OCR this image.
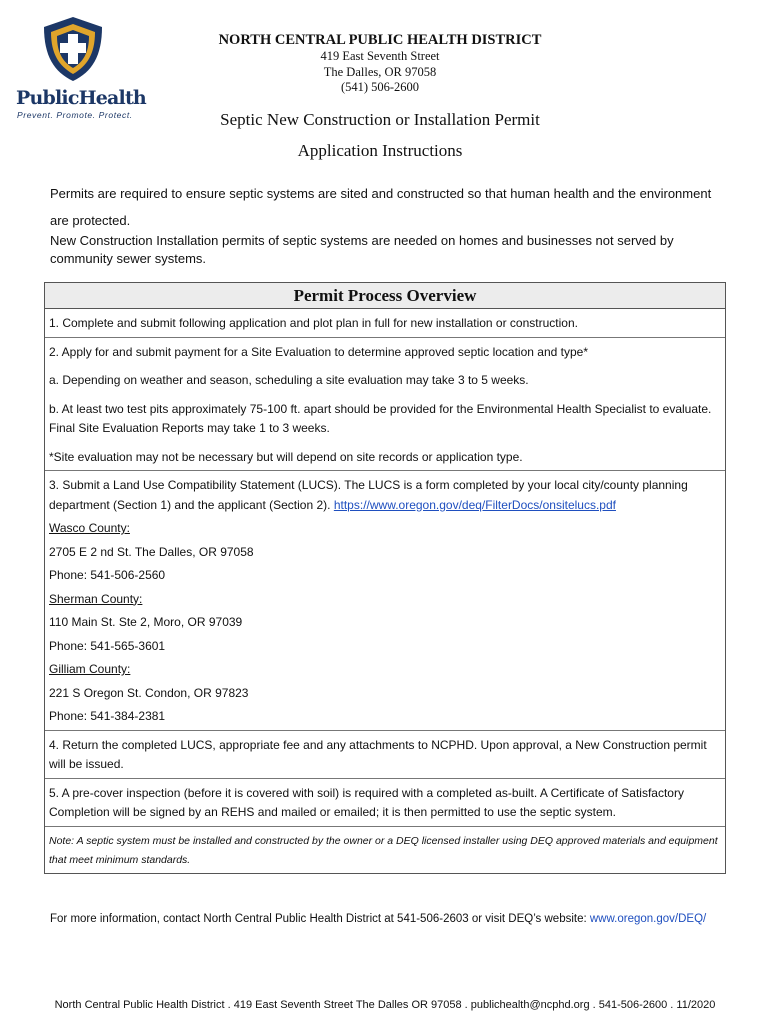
PublicHealth
Prevent. Promote. Protect.
NORTH CENTRAL PUBLIC HEALTH DISTRICT
419 East Seventh Street
The Dalles, OR 97058
(541) 506-2600
Septic New Construction or Installation Permit
Application Instructions
Permits are required to ensure septic systems are sited and constructed so that human health and the environment are protected.
New Construction Installation permits of septic systems are needed on homes and businesses not served by community sewer systems.
Permit Process Overview

1. Complete and submit following application and plot plan in full for new installation or construction.

2. Apply for and submit payment for a Site Evaluation to determine approved septic location and type*

a. Depending on weather and season, scheduling a site evaluation may take 3 to 5 weeks.

b. At least two test pits approximately 75-100 ft. apart should be provided for the Environmental Health Specialist to evaluate. Final Site Evaluation Reports may take 1 to 3 weeks.

*Site evaluation may not be necessary but will depend on site records or application type.

3. Submit a Land Use Compatibility Statement (LUCS). The LUCS is a form completed by your local city/county planning department (Section 1) and the applicant (Section 2). https://www.oregon.gov/deq/FilterDocs/onsitelucs.pdf

Wasco County:

2705 E 2 nd St. The Dalles, OR 97058

Phone: 541-506-2560

Sherman County:

110 Main St. Ste 2, Moro, OR 97039

Phone: 541-565-3601

Gilliam County:

221 S Oregon St. Condon, OR 97823

Phone: 541-384-2381

4. Return the completed LUCS, appropriate fee and any attachments to NCPHD. Upon approval, a New Construction permit will be issued.

5. A pre-cover inspection (before it is covered with soil) is required with a completed as-built. A Certificate of Satisfactory Completion will be signed by an REHS and mailed or emailed; it is then permitted to use the septic system.

Note: A septic system must be installed and constructed by the owner or a DEQ licensed installer using DEQ approved materials and equipment that meet minimum standards.

For more information, contact North Central Public Health District at 541-506-2603 or visit DEQ’s website: www.oregon.gov/DEQ/
North Central Public Health District . 419 East Seventh Street The Dalles OR 97058 . publichealth@ncphd.org . 541-506-2600 . 11/2020
